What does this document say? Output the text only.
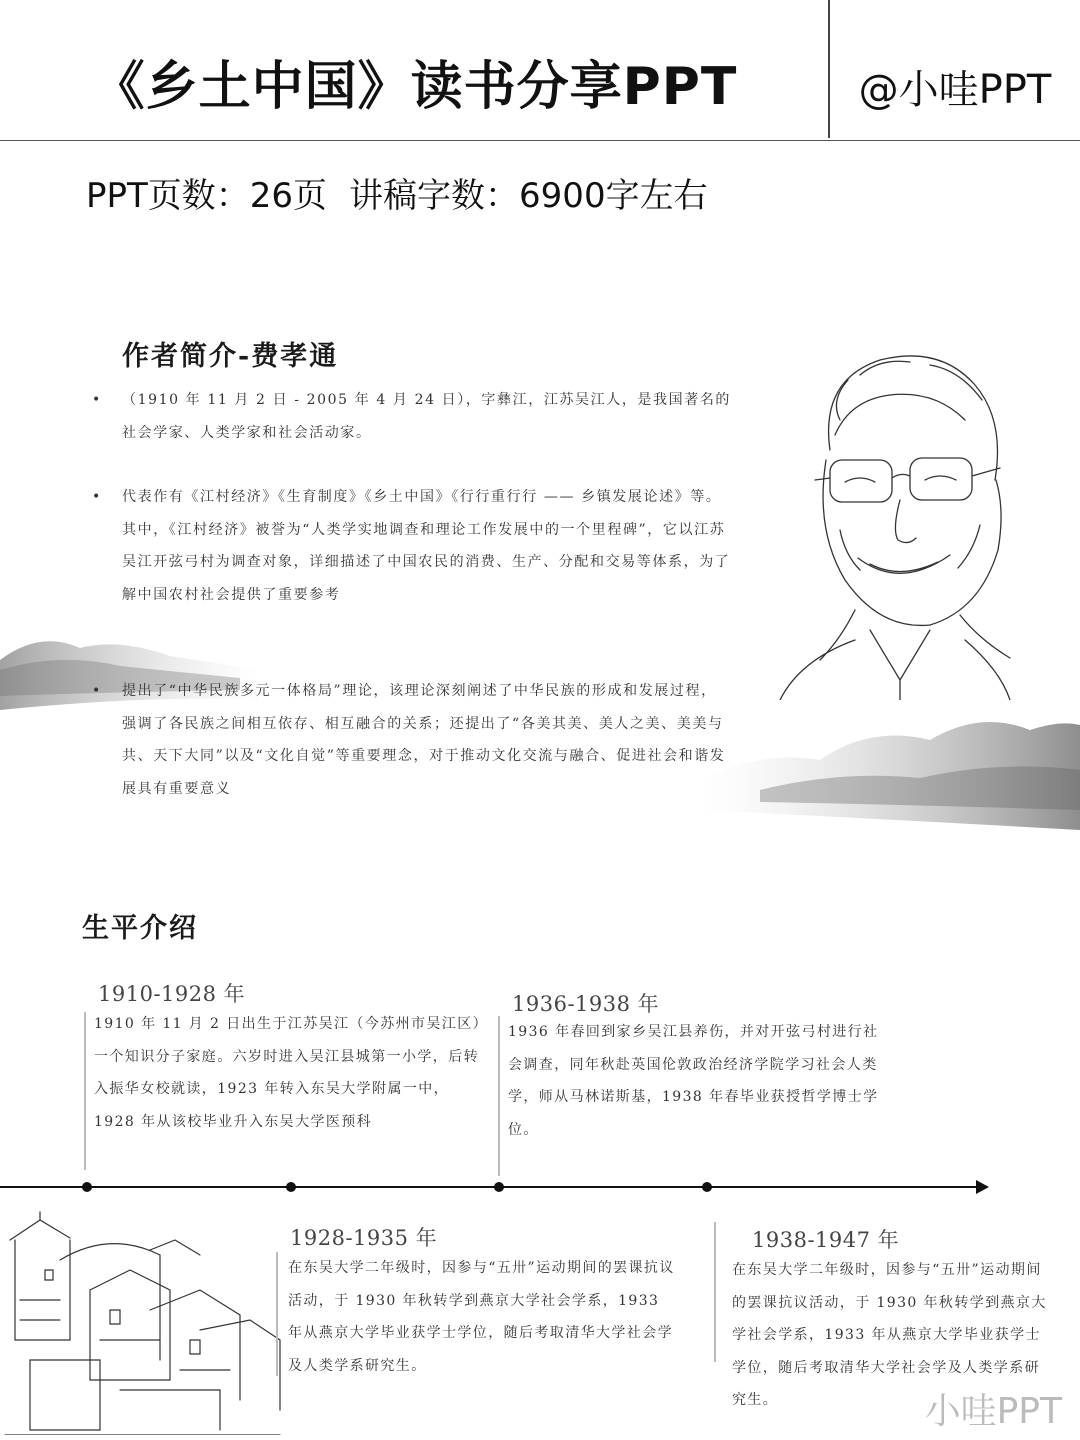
《乡土中国》读书分享PPT	@小哇PPT
PPT页数：26页 讲稿字数：6900字左右
作者简介-费孝通
•	（1910 年 11 月 2 日 - 2005 年 4 月 24 日），字彝江，江苏吴江人，是我国著名的社会学家、人类学家和社会活动家。
•	代表作有《江村经济》《生育制度》《乡土中国》《行行重行行 —— 乡镇发展论述》等。其中，《江村经济》被誉为“人类学实地调查和理论工作发展中的一个里程碑”，它以江苏吴江开弦弓村为调查对象，详细描述了中国农民的消费、生产、分配和交易等体系，为了解中国农村社会提供了重要参考
•	提出了“中华民族多元一体格局”理论，该理论深刻阐述了中华民族的形成和发展过程，强调了各民族之间相互依存、相互融合的关系；还提出了“各美其美、美人之美、美美与共、天下大同”以及“文化自觉”等重要理念，对于推动文化交流与融合、促进社会和谐发展具有重要意义
生平介绍
1910-1928 年
1910 年 11 月 2 日出生于江苏吴江（今苏州市吴江区）一个知识分子家庭。六岁时进入吴江县城第一小学，后转入振华女校就读，1923 年转入东吴大学附属一中，1928 年从该校毕业升入东吴大学医预科
1936-1938 年
1936 年春回到家乡吴江县养伤，并对开弦弓村进行社会调查，同年秋赴英国伦敦政治经济学院学习社会人类学，师从马林诺斯基，1938 年春毕业获授哲学博士学位。
1928-1935 年
在东吴大学二年级时，因参与“五卅”运动期间的罢课抗议活动，于 1930 年秋转学到燕京大学社会学系，1933 年从燕京大学毕业获学士学位，随后考取清华大学社会学及人类学系研究生。
1938-1947 年
在东吴大学二年级时，因参与“五卅”运动期间的罢课抗议活动，于 1930 年秋转学到燕京大学社会学系，1933 年从燕京大学毕业获学士学位，随后考取清华大学社会学及人类学系研究生。	小哇PPT
